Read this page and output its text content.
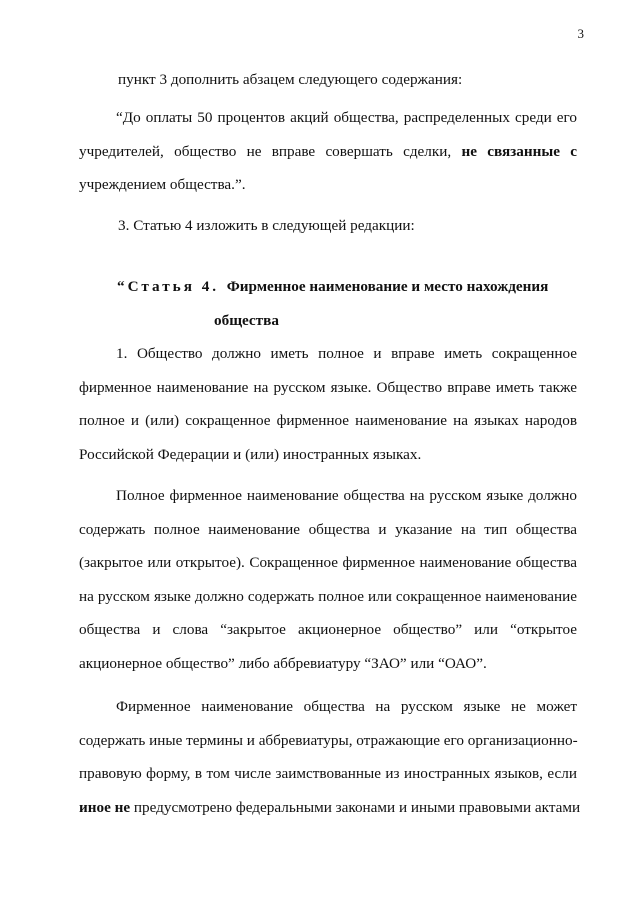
3
пункт 3 дополнить абзацем следующего содержания:
“До оплаты 50 процентов акций общества, распределенных среди его
учредителей, общество не вправе совершать сделки, не связанные с
учреждением общества.”.
3. Статью 4 изложить в следующей редакции:
“Статья 4. Фирменное наименование и место нахождения
общества
1. Общество должно иметь полное и вправе иметь сокращенное
фирменное наименование на русском языке. Общество вправе иметь также
полное и (или) сокращенное фирменное наименование на языках народов
Российской Федерации и (или) иностранных языках.
Полное фирменное наименование общества на русском языке должно
содержать полное наименование общества и указание на тип общества
(закрытое или открытое). Сокращенное фирменное наименование общества
на русском языке должно содержать полное или сокращенное наименование
общества и слова “закрытое акционерное общество” или “открытое
акционерное общество” либо аббревиатуру “ЗАО” или “ОАО”.
Фирменное наименование общества на русском языке не может
содержать иные термины и аббревиатуры, отражающие его организационно-
правовую форму, в том числе заимствованные из иностранных языков, если
иное не предусмотрено федеральными законами и иными правовыми актами
